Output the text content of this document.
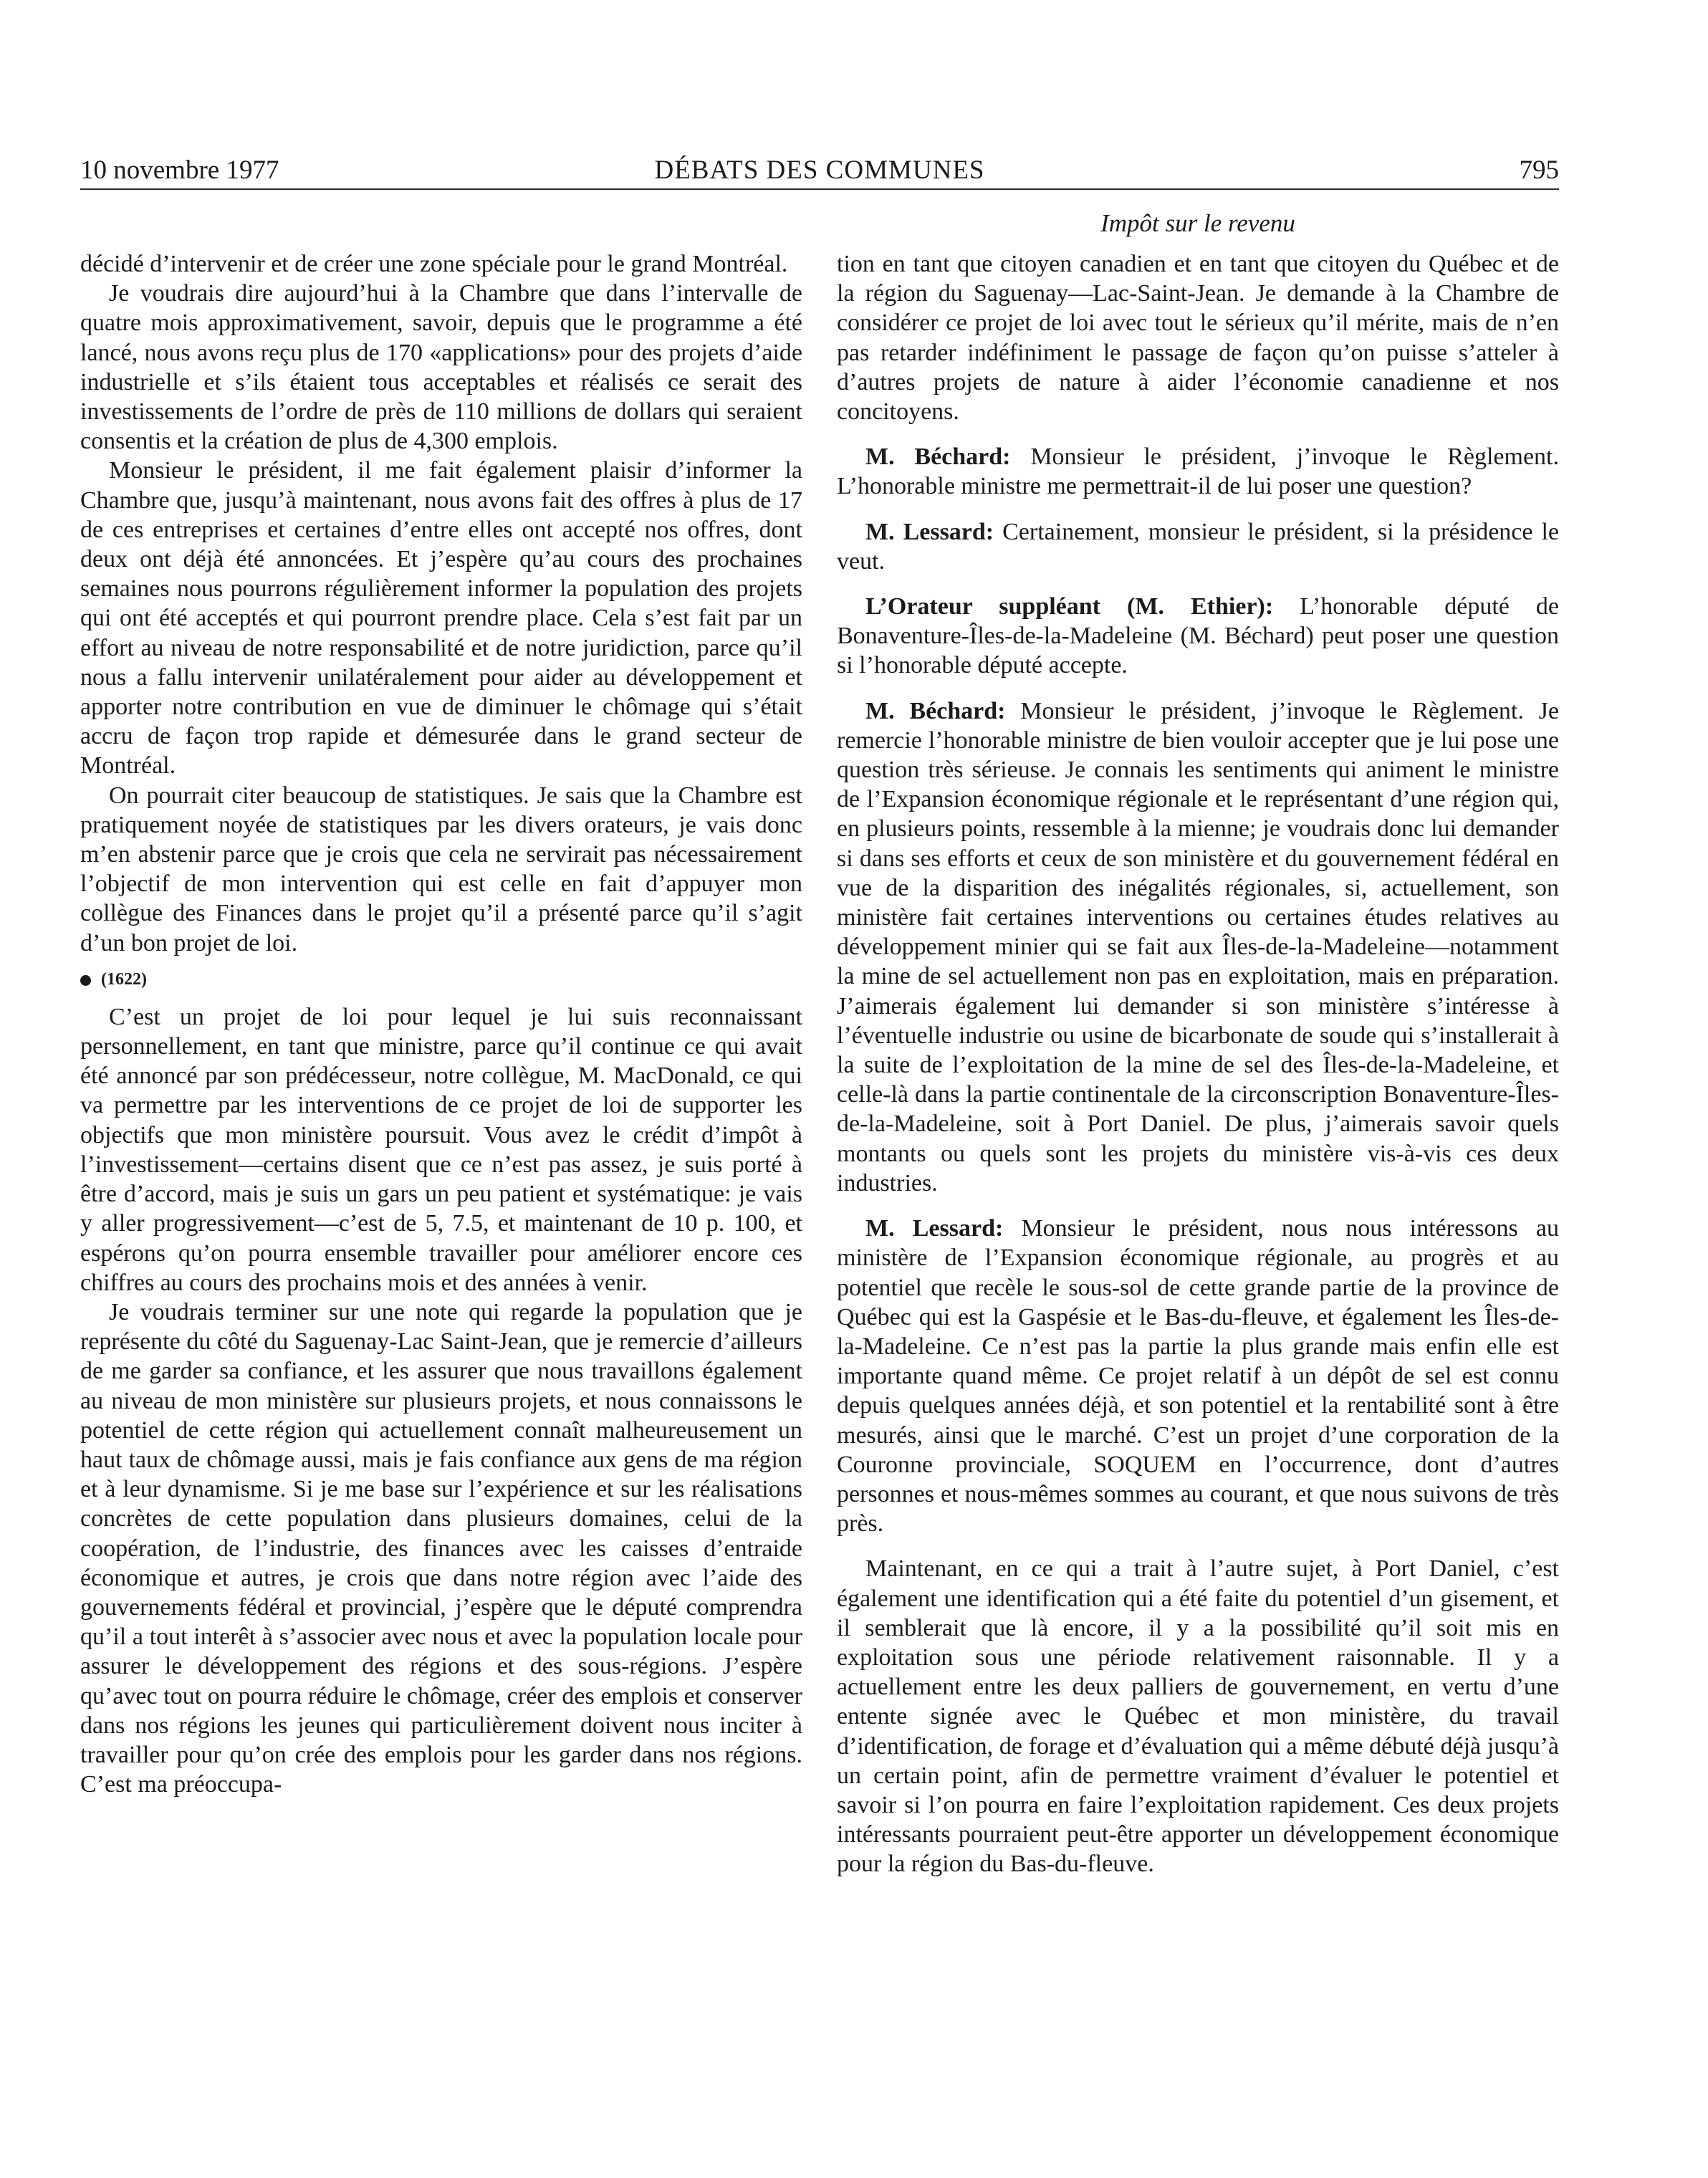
10 novembre 1977	DÉBATS DES COMMUNES	795
Impôt sur le revenu

décidé d’intervenir et de créer une zone spéciale pour le grand Montréal.

Je voudrais dire aujourd’hui à la Chambre que dans l’intervalle de quatre mois approximativement, savoir, depuis que le programme a été lancé, nous avons reçu plus de 170 «applications» pour des projets d’aide industrielle et s’ils étaient tous acceptables et réalisés ce serait des investissements de l’ordre de près de 110 millions de dollars qui seraient consentis et la création de plus de 4,300 emplois.

Monsieur le président, il me fait également plaisir d’informer la Chambre que, jusqu’à maintenant, nous avons fait des offres à plus de 17 de ces entreprises et certaines d’entre elles ont accepté nos offres, dont deux ont déjà été annoncées. Et j’espère qu’au cours des prochaines semaines nous pourrons régulièrement informer la population des projets qui ont été acceptés et qui pourront prendre place. Cela s’est fait par un effort au niveau de notre responsabilité et de notre juridiction, parce qu’il nous a fallu intervenir unilatéralement pour aider au développement et apporter notre contribution en vue de diminuer le chômage qui s’était accru de façon trop rapide et démesurée dans le grand secteur de Montréal.

On pourrait citer beaucoup de statistiques. Je sais que la Chambre est pratiquement noyée de statistiques par les divers orateurs, je vais donc m’en abstenir parce que je crois que cela ne servirait pas nécessairement l’objectif de mon intervention qui est celle en fait d’appuyer mon collègue des Finances dans le projet qu’il a présenté parce qu’il s’agit d’un bon projet de loi.

(1622)

C’est un projet de loi pour lequel je lui suis reconnaissant personnellement, en tant que ministre, parce qu’il continue ce qui avait été annoncé par son prédécesseur, notre collègue, M. MacDonald, ce qui va permettre par les interventions de ce projet de loi de supporter les objectifs que mon ministère poursuit. Vous avez le crédit d’impôt à l’investissement—certains disent que ce n’est pas assez, je suis porté à être d’accord, mais je suis un gars un peu patient et systématique: je vais y aller progressivement—c’est de 5, 7.5, et maintenant de 10 p. 100, et espérons qu’on pourra ensemble travailler pour améliorer encore ces chiffres au cours des prochains mois et des années à venir.

Je voudrais terminer sur une note qui regarde la population que je représente du côté du Saguenay-Lac Saint-Jean, que je remercie d’ailleurs de me garder sa confiance, et les assurer que nous travaillons également au niveau de mon ministère sur plusieurs projets, et nous connaissons le potentiel de cette région qui actuellement connaît malheureusement un haut taux de chômage aussi, mais je fais confiance aux gens de ma région et à leur dynamisme. Si je me base sur l’expérience et sur les réalisations concrètes de cette population dans plusieurs domaines, celui de la coopération, de l’industrie, des finances avec les caisses d’entraide économique et autres, je crois que dans notre région avec l’aide des gouvernements fédéral et provincial, j’espère que le député comprendra qu’il a tout interêt à s’associer avec nous et avec la population locale pour assurer le développement des régions et des sous-régions. J’espère qu’avec tout on pourra réduire le chômage, créer des emplois et conserver dans nos régions les jeunes qui particulièrement doivent nous inciter à travailler pour qu’on crée des emplois pour les garder dans nos régions. C’est ma préoccupa-

tion en tant que citoyen canadien et en tant que citoyen du Québec et de la région du Saguenay—Lac-Saint-Jean. Je demande à la Chambre de considérer ce projet de loi avec tout le sérieux qu’il mérite, mais de n’en pas retarder indéfiniment le passage de façon qu’on puisse s’atteler à d’autres projets de nature à aider l’économie canadienne et nos concitoyens.

M. Béchard: Monsieur le président, j’invoque le Règlement. L’honorable ministre me permettrait-il de lui poser une question?

M. Lessard: Certainement, monsieur le président, si la présidence le veut.

L’Orateur suppléant (M. Ethier): L’honorable député de Bonaventure-Îles-de-la-Madeleine (M. Béchard) peut poser une question si l’honorable député accepte.

M. Béchard: Monsieur le président, j’invoque le Règlement. Je remercie l’honorable ministre de bien vouloir accepter que je lui pose une question très sérieuse. Je connais les sentiments qui animent le ministre de l’Expansion économique régionale et le représentant d’une région qui, en plusieurs points, ressemble à la mienne; je voudrais donc lui demander si dans ses efforts et ceux de son ministère et du gouvernement fédéral en vue de la disparition des inégalités régionales, si, actuellement, son ministère fait certaines interventions ou certaines études relatives au développement minier qui se fait aux Îles-de-la-Madeleine—notamment la mine de sel actuellement non pas en exploitation, mais en préparation. J’aimerais également lui demander si son ministère s’intéresse à l’éventuelle industrie ou usine de bicarbonate de soude qui s’installerait à la suite de l’exploitation de la mine de sel des Îles-de-la-Madeleine, et celle-là dans la partie continentale de la circonscription Bonaventure-Îles-de-la-Madeleine, soit à Port Daniel. De plus, j’aimerais savoir quels montants ou quels sont les projets du ministère vis-à-vis ces deux industries.

M. Lessard: Monsieur le président, nous nous intéressons au ministère de l’Expansion économique régionale, au progrès et au potentiel que recèle le sous-sol de cette grande partie de la province de Québec qui est la Gaspésie et le Bas-du-fleuve, et également les Îles-de-la-Madeleine. Ce n’est pas la partie la plus grande mais enfin elle est importante quand même. Ce projet relatif à un dépôt de sel est connu depuis quelques années déjà, et son potentiel et la rentabilité sont à être mesurés, ainsi que le marché. C’est un projet d’une corporation de la Couronne provinciale, SOQUEM en l’occurrence, dont d’autres personnes et nous-mêmes sommes au courant, et que nous suivons de très près.

Maintenant, en ce qui a trait à l’autre sujet, à Port Daniel, c’est également une identification qui a été faite du potentiel d’un gisement, et il semblerait que là encore, il y a la possibilité qu’il soit mis en exploitation sous une période relativement raisonnable. Il y a actuellement entre les deux palliers de gouvernement, en vertu d’une entente signée avec le Québec et mon ministère, du travail d’identification, de forage et d’évaluation qui a même débuté déjà jusqu’à un certain point, afin de permettre vraiment d’évaluer le potentiel et savoir si l’on pourra en faire l’exploitation rapidement. Ces deux projets intéressants pourraient peut-être apporter un développement économique pour la région du Bas-du-fleuve.
